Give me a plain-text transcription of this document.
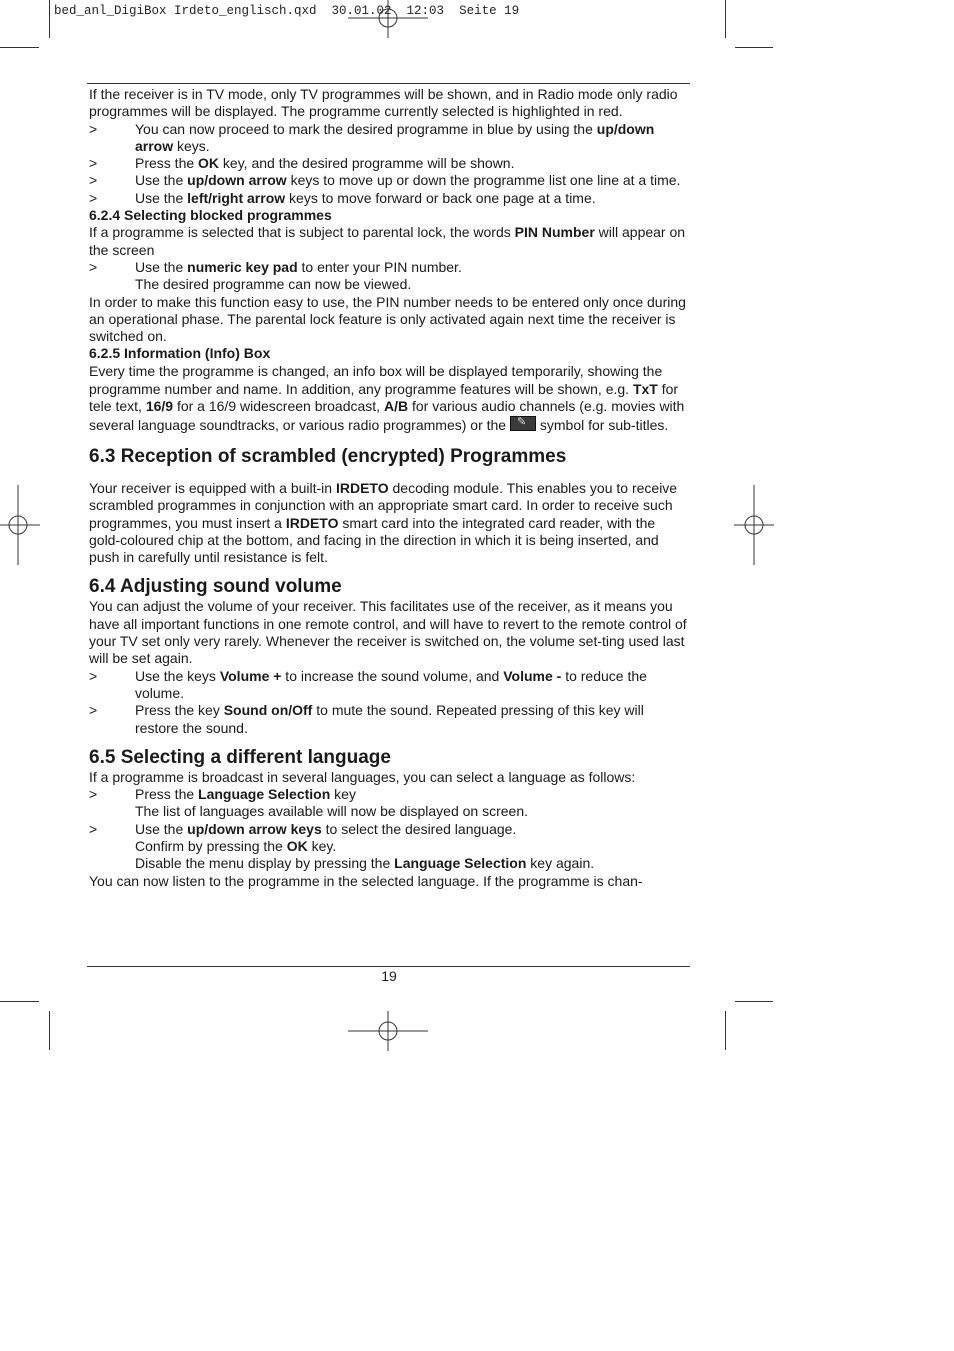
bed_anl_DigiBox Irdeto_englisch.qxd  30.01.02  12:03  Seite 19

If the receiver is in TV mode, only TV programmes will be shown, and in Radio mode only radio programmes will be displayed. The programme currently selected is highlighted in red.

>	You can now proceed to mark the desired programme in blue by using the up/down arrow keys.
>	Press the OK key, and the desired programme will be shown.
>	Use the up/down arrow keys to move up or down the programme list one line at a time.
>	Use the left/right arrow keys to move forward or back one page at a time.

6.2.4 Selecting blocked programmes

If a programme is selected that is subject to parental lock, the words PIN Number will appear on the screen

>	Use the numeric key pad to enter your PIN number.

The desired programme can now be viewed.

In order to make this function easy to use, the PIN number needs to be entered only once during an operational phase. The parental lock feature is only activated again next time the receiver is switched on.

6.2.5 Information (Info) Box

Every time the programme is changed, an info box will be displayed temporarily, showing the programme number and name. In addition, any programme features will be shown, e.g. TxT for tele text, 16/9 for a 16/9 widescreen broadcast, A/B for various audio channels (e.g. movies with several language soundtracks, or various radio programmes) or the ✎ symbol for sub-titles.

6.3 Reception of scrambled (encrypted) Programmes

Your receiver is equipped with a built-in IRDETO decoding module. This enables you to receive scrambled programmes in conjunction with an appropriate smart card. In order to receive such programmes, you must insert a IRDETO smart card into the integrated card reader, with the gold-coloured chip at the bottom, and facing in the direction in which it is being inserted, and push in carefully until resistance is felt.

6.4 Adjusting sound volume

You can adjust the volume of your receiver. This facilitates use of the receiver, as it means you have all important functions in one remote control, and will have to revert to the remote control of your TV set only very rarely. Whenever the receiver is switched on, the volume set-ting used last will be set again.

>	Use the keys Volume + to increase the sound volume, and Volume - to reduce the volume.
>	Press the key Sound on/Off to mute the sound. Repeated pressing of this key will restore the sound.

6.5 Selecting a different language

If a programme is broadcast in several languages, you can select a language as follows:

>	Press the Language Selection key

The list of languages available will now be displayed on screen.

>	Use the up/down arrow keys to select the desired language.

Confirm by pressing the OK key.

Disable the menu display by pressing the Language Selection key again.

You can now listen to the programme in the selected language. If the programme is chan-

19
